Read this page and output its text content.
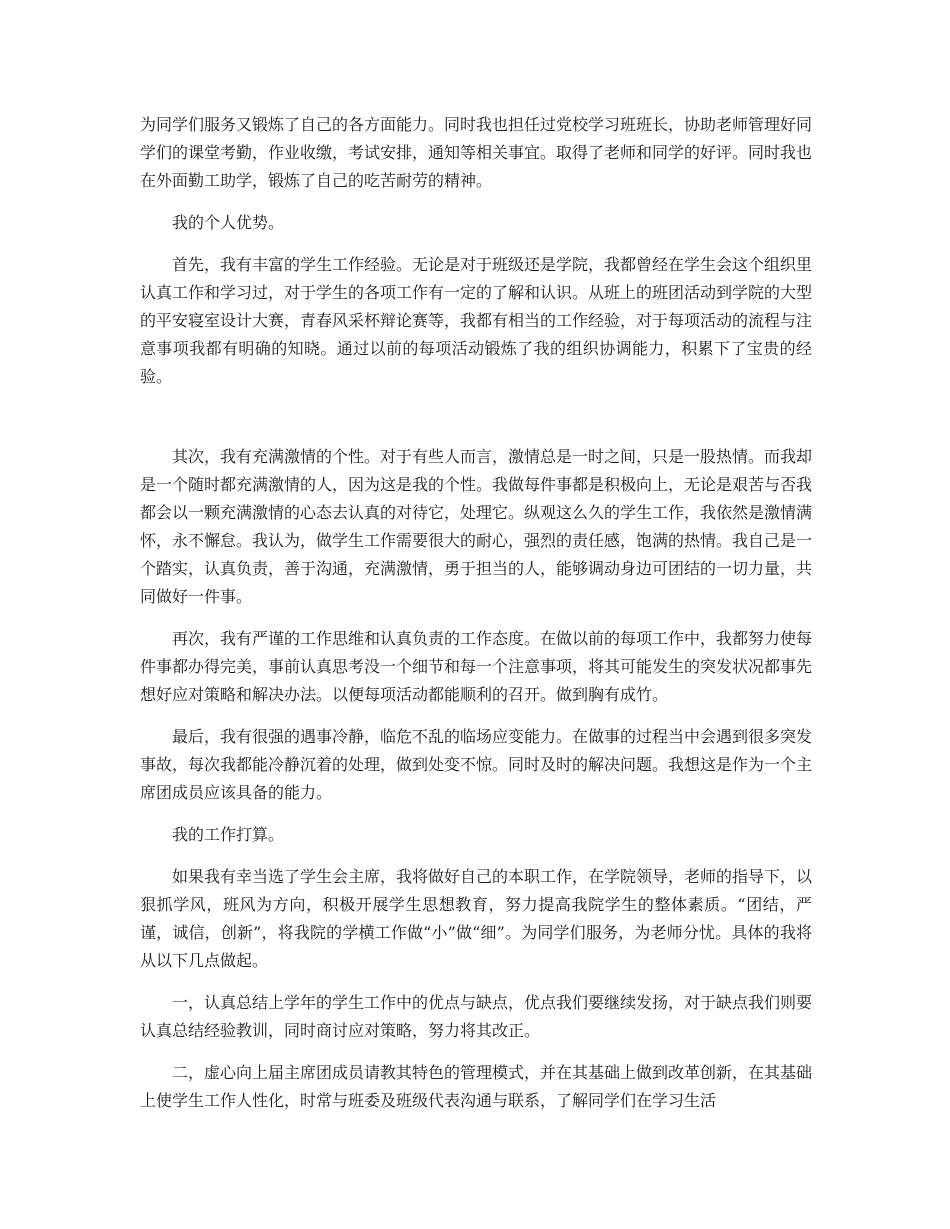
为同学们服务又锻炼了自己的各方面能力。同时我也担任过党校学习班班长，协助老师管理好同学们的课堂考勤，作业收缴，考试安排，通知等相关事宜。取得了老师和同学的好评。同时我也在外面勤工助学，锻炼了自己的吃苦耐劳的精神。

我的个人优势。

首先，我有丰富的学生工作经验。无论是对于班级还是学院，我都曾经在学生会这个组织里认真工作和学习过，对于学生的各项工作有一定的了解和认识。从班上的班团活动到学院的大型的平安寝室设计大赛，青春风采杯辩论赛等，我都有相当的工作经验，对于每项活动的流程与注意事项我都有明确的知晓。通过以前的每项活动锻炼了我的组织协调能力，积累下了宝贵的经验。

其次，我有充满激情的个性。对于有些人而言，激情总是一时之间，只是一股热情。而我却是一个随时都充满激情的人，因为这是我的个性。我做每件事都是积极向上，无论是艰苦与否我都会以一颗充满激情的心态去认真的对待它，处理它。纵观这么久的学生工作，我依然是激情满怀，永不懈怠。我认为，做学生工作需要很大的耐心，强烈的责任感，饱满的热情。我自己是一个踏实，认真负责，善于沟通，充满激情，勇于担当的人，能够调动身边可团结的一切力量，共同做好一件事。

再次，我有严谨的工作思维和认真负责的工作态度。在做以前的每项工作中，我都努力使每件事都办得完美，事前认真思考没一个细节和每一个注意事项，将其可能发生的突发状况都事先想好应对策略和解决办法。以便每项活动都能顺利的召开。做到胸有成竹。

最后，我有很强的遇事冷静，临危不乱的临场应变能力。在做事的过程当中会遇到很多突发事故，每次我都能冷静沉着的处理，做到处变不惊。同时及时的解决问题。我想这是作为一个主席团成员应该具备的能力。

我的工作打算。

如果我有幸当选了学生会主席，我将做好自己的本职工作，在学院领导，老师的指导下，以狠抓学风，班风为方向，积极开展学生思想教育，努力提高我院学生的整体素质。“团结，严谨，诚信，创新”，将我院的学横工作做“小”做“细”。为同学们服务，为老师分忧。具体的我将从以下几点做起。

一，认真总结上学年的学生工作中的优点与缺点，优点我们要继续发扬，对于缺点我们则要认真总结经验教训，同时商讨应对策略，努力将其改正。

二，虚心向上届主席团成员请教其特色的管理模式，并在其基础上做到改革创新，在其基础上使学生工作人性化，时常与班委及班级代表沟通与联系，了解同学们在学习生活
